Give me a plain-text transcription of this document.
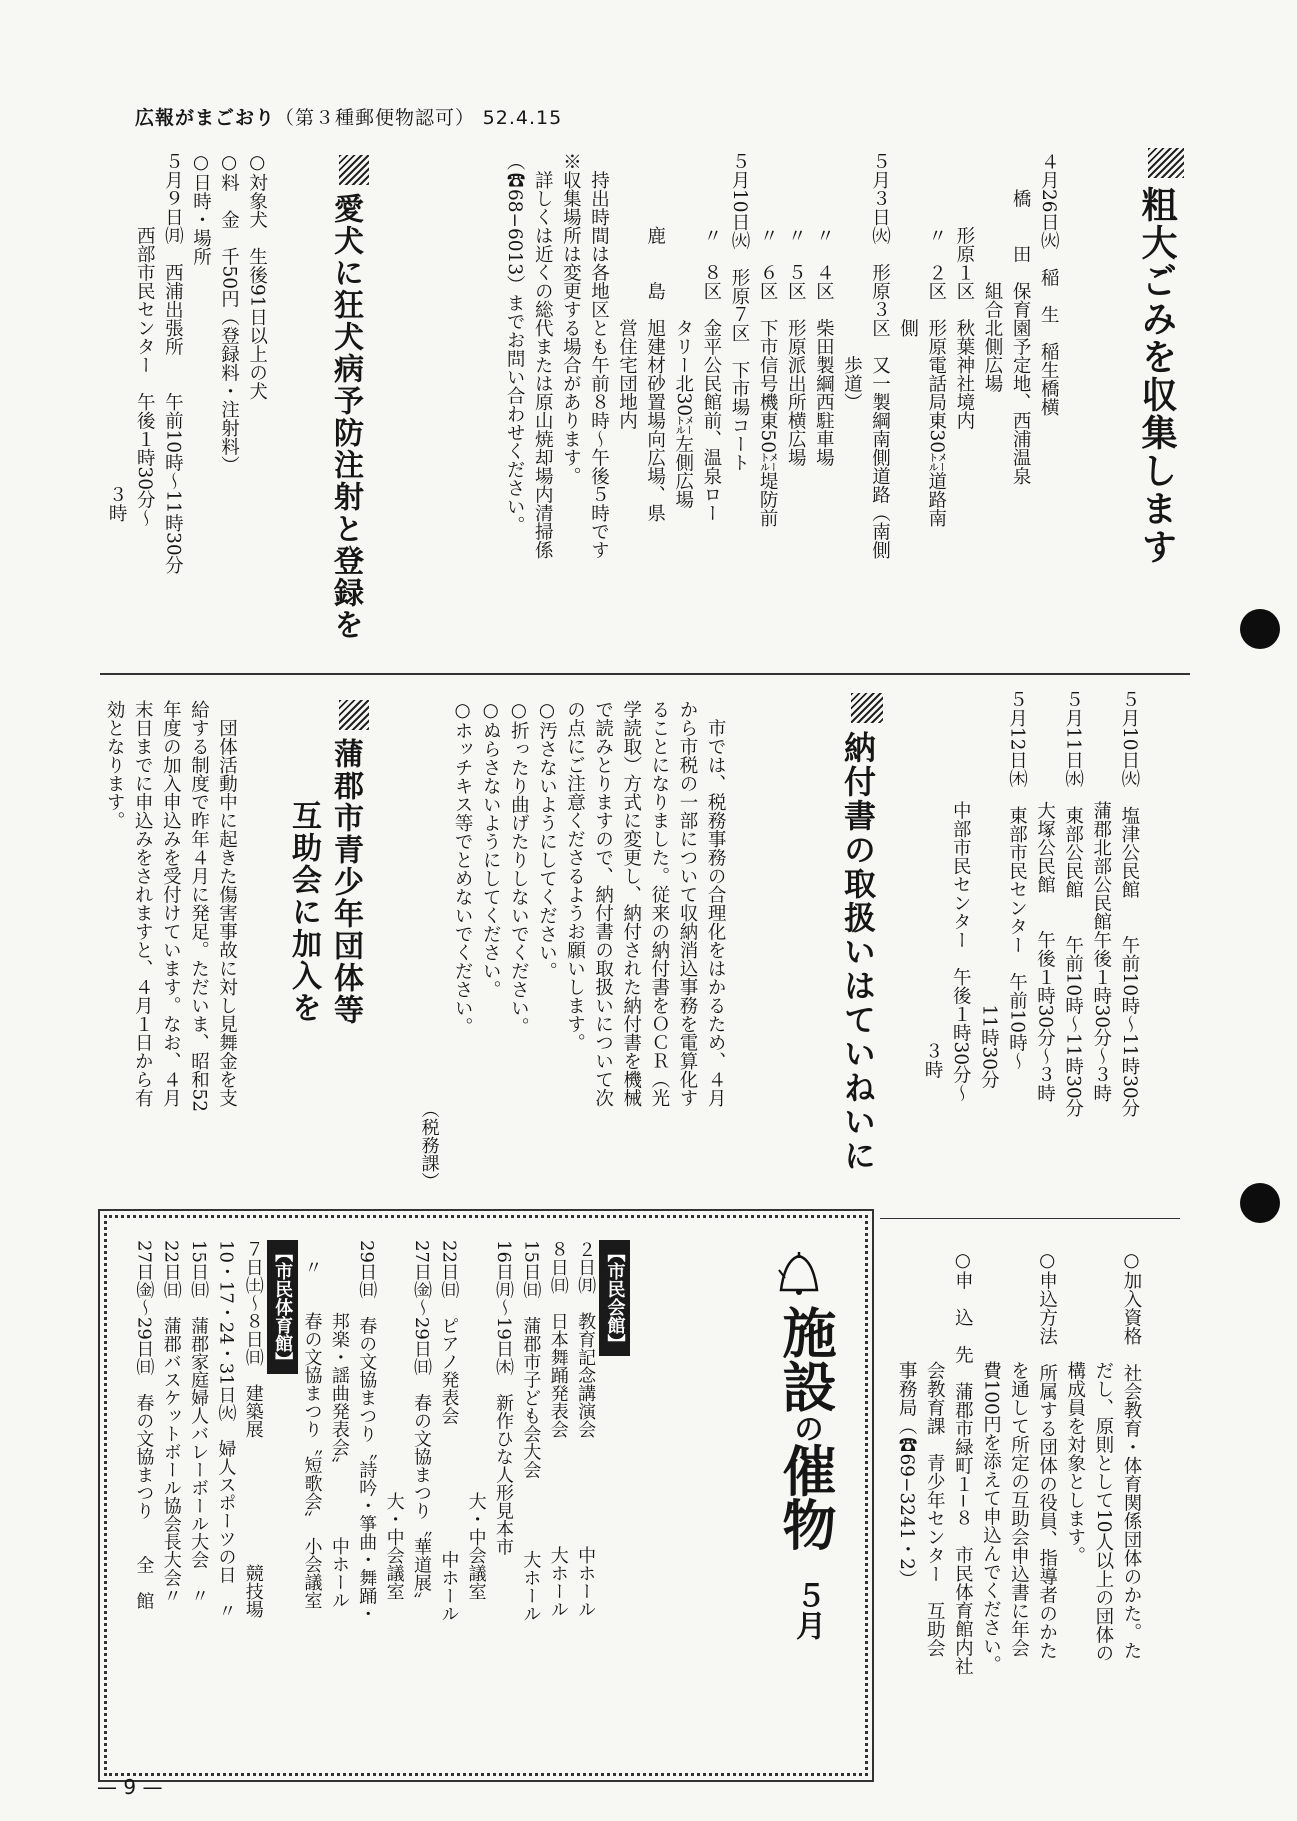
広報がまごおり（第３種郵便物認可） 52.4.15
粗大ごみを収集します
４月26日㈫　稲　生　稲生橋横
　　橋　　田　保育園予定地、西浦温泉
　　　　　　　組合北側広場
　　　　形原１区　秋葉神社境内
　　　　〃　２区　形原電話局東30㍍道路南
　　　　　　　　　側
５月３日㈫　形原３区　又一製綱南側道路（南側
　　　　　　　　　　　歩道）
　　　　〃　４区　柴田製綱西駐車場
　　　　〃　５区　形原派出所横広場
　　　　〃　６区　下市信号機東50㍍堤防前
５月10日㈫　形原７区　下市場コート
　　　　〃　８区　金平公民館前、温泉ロー
　　　　　　　　　タリー北30㍍左側広場
　　　　鹿　　島　旭建材砂置場向広場、県
　　　　　　　　　営住宅団地内
　持出時間は各地区とも午前８時〜午後５時です
※収集場所は変更する場合があります。
　詳しくは近くの総代または原山焼却場内清掃係
（☎68−6013）までお問い合わせください。
愛犬に狂犬病予防注射と登録を
○対象犬　生後91日以上の犬
○料　金　千50円（登録料・注射料）
○日時・場所
５月９日㈪　西浦出張所　　午前10時〜11時30分
　　　　西部市民センター　午後１時30分〜
　　　　　　　　　　　　　　　　　　３時
５月10日㈫　塩津公民館　　午前10時〜11時30分
　　　　　　蒲郡北部公民館午後１時30分〜３時
５月11日㈬　東部公民館　　午前10時〜11時30分
　　　　　　大塚公民館　　午後１時30分〜３時
５月12日㈭　東部市民センター　午前10時〜
　　　　　　　　　　　　　　　　　11時30分
　　　　　　中部市民センター　午後１時30分〜
　　　　　　　　　　　　　　　　　　　３時
納付書の取扱いはていねいに
　市では、税務事務の合理化をはかるため、４月
から市税の一部について収納消込事務を電算化す
ることになりました。従来の納付書をＯＣＲ（光
学読取）方式に変更し、納付された納付書を機械
で読みとりますので、納付書の取扱いについて次
の点にご注意くださるようお願いします。
○汚さないようにしてください。
○折ったり曲げたりしないでください。
○ぬらさないようにしてください。
○ホッチキス等でとめないでください。
（税務課）
蒲郡市青少年団体等
互助会に加入を
　団体活動中に起きた傷害事故に対し見舞金を支
給する制度で昨年４月に発足。ただいま、昭和52
年度の加入申込みを受付けています。なお、４月
末日までに申込みをされますと、４月１日から有
効となります。
○加入資格　社会教育・体育関係団体のかた。た
　　　　　　だし、原則として10人以上の団体の
　　　　　　構成員を対象とします。
○申込方法　所属する団体の役員、指導者のかた
　　　　　　を通して所定の互助会申込書に年会
　　　　　　費100円を添えて申込んでください。
○申　込　先　蒲郡市緑町１−８　市民体育館内社
　　　　　　会教育課　青少年センター　互助会
　　　　　　事務局（☎69−3241・2）
施設の催物
５月
【市民会館】
２日㈪　教育記念講演会　　　　　　中ホール
８日㈰　日本舞踊発表会　　　　　　大ホール
15日㈰　蒲郡市子ども会大会　　　　大ホール
16日㈪〜19日㈭　新作ひな人形見本市
　　　　　　　　　　　　　　大・中会議室
22日㈰　ピアノ発表会　　　　　　　中ホール
27日㈮〜29日㈰　春の文協まつり〝華道展〟
　　　　　　　　　　　　　　大・中会議室
29日㈰　春の文協まつり〝詩吟・箏曲・舞踊・
　　　　邦楽・謡曲発表会〟　　　　中ホール
　〃　　春の文協まつり〝短歌会〟　小会議室
【市民体育館】
７日㈯〜８日㈰　建築展　　　　　　　競技場
10・17・24・31日㈫　婦人スポーツの日　〃
15日㈰　蒲郡家庭婦人バレーボール大会　〃
22日㈰　蒲郡バスケットボール協会長大会〃
27日㈮〜29日㈰　春の文協まつり　　全　館
— 9 —
